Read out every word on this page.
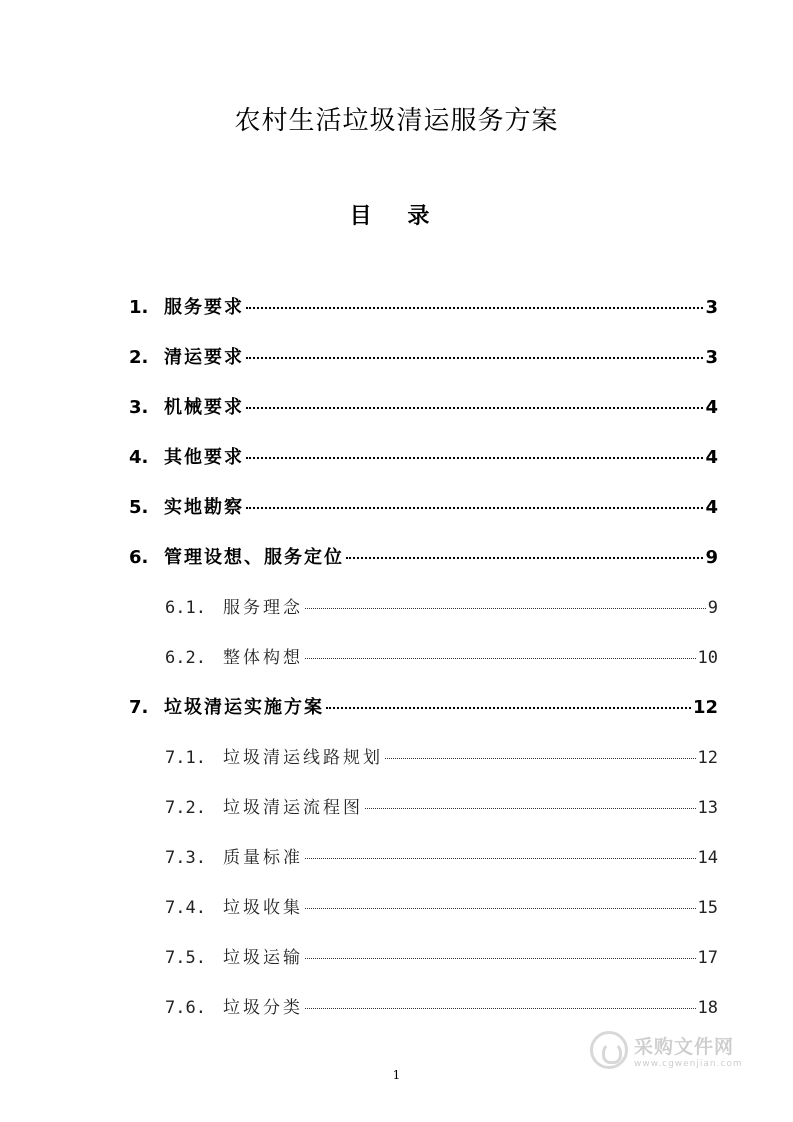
农村生活垃圾清运服务方案
目 录
1. 服务要求	3
2. 清运要求	3
3. 机械要求	4
4. 其他要求	4
5. 实地勘察	4
6. 管理设想、服务定位	9
6.1.	服务理念	9
6.2.	整体构想	10
7. 垃圾清运实施方案	12
7.1.	垃圾清运线路规划	12
7.2.	垃圾清运流程图	13
7.3.	质量标准	14
7.4.	垃圾收集	15
7.5.	垃圾运输	17
7.6.	垃圾分类	18
1
采购文件网
www.cgwenjian.com
